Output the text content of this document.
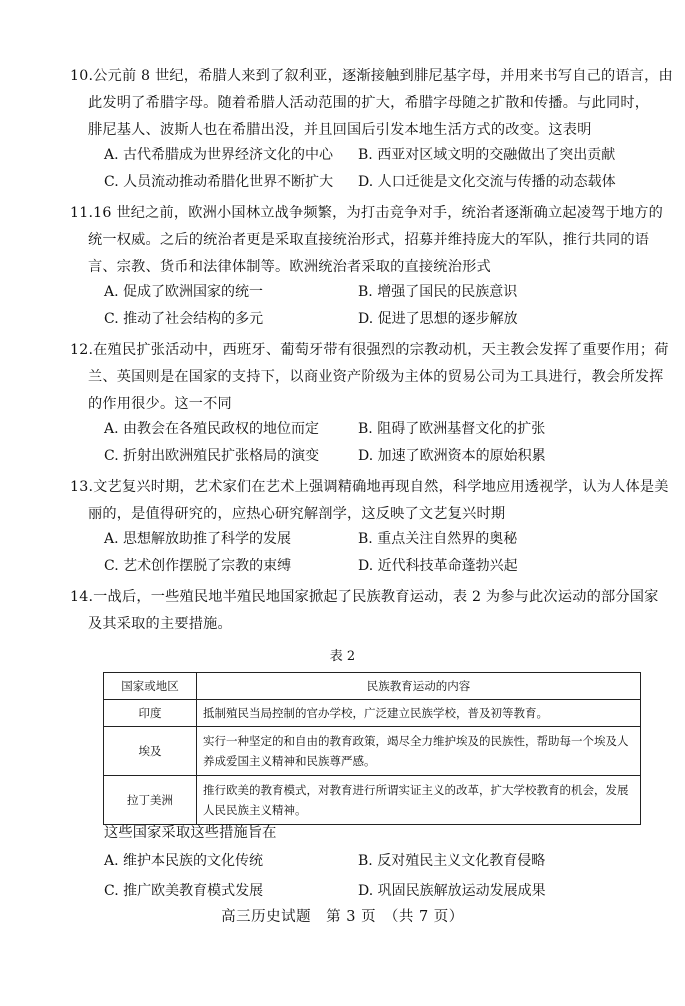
10.公元前 8 世纪，希腊人来到了叙利亚，逐渐接触到腓尼基字母，并用来书写自己的语言，由
此发明了希腊字母。随着希腊人活动范围的扩大，希腊字母随之扩散和传播。与此同时，
腓尼基人、波斯人也在希腊出没，并且回国后引发本地生活方式的改变。这表明
A. 古代希腊成为世界经济文化的中心 B. 西亚对区域文明的交融做出了突出贡献
C. 人员流动推动希腊化世界不断扩大 D. 人口迁徙是文化交流与传播的动态载体
11.16 世纪之前，欧洲小国林立战争频繁，为打击竞争对手，统治者逐渐确立起凌驾于地方的
统一权威。之后的统治者更是采取直接统治形式，招募并维持庞大的军队，推行共同的语
言、宗教、货币和法律体制等。欧洲统治者采取的直接统治形式
A. 促成了欧洲国家的统一	B. 增强了国民的民族意识
C. 推动了社会结构的多元	D. 促进了思想的逐步解放
12.在殖民扩张活动中，西班牙、葡萄牙带有很强烈的宗教动机，天主教会发挥了重要作用；荷
兰、英国则是在国家的支持下，以商业资产阶级为主体的贸易公司为工具进行，教会所发挥
的作用很少。这一不同
A. 由教会在各殖民政权的地位而定	B. 阻碍了欧洲基督文化的扩张
C. 折射出欧洲殖民扩张格局的演变	D. 加速了欧洲资本的原始积累
13.文艺复兴时期，艺术家们在艺术上强调精确地再现自然，科学地应用透视学，认为人体是美
丽的，是值得研究的，应热心研究解剖学，这反映了文艺复兴时期
A. 思想解放助推了科学的发展	B. 重点关注自然界的奥秘
C. 艺术创作摆脱了宗教的束缚	D. 近代科技革命蓬勃兴起
14.一战后，一些殖民地半殖民地国家掀起了民族教育运动，表 2 为参与此次运动的部分国家
及其采取的主要措施。
表 2
国家或地区	民族教育运动的内容
印度	抵制殖民当局控制的官办学校，广泛建立民族学校，普及初等教育。
埃及	实行一种坚定的和自由的教育政策，竭尽全力维护埃及的民族性，帮助每一个埃及人养成爱国主义精神和民族尊严感。
拉丁美洲	推行欧美的教育模式，对教育进行所谓实证主义的改革，扩大学校教育的机会，发展人民民族主义精神。
这些国家采取这些措施旨在
A. 维护本民族的文化传统	B. 反对殖民主义文化教育侵略
C. 推广欧美教育模式发展	D. 巩固民族解放运动发展成果
高三历史试题　第 3 页　（共 7 页）
